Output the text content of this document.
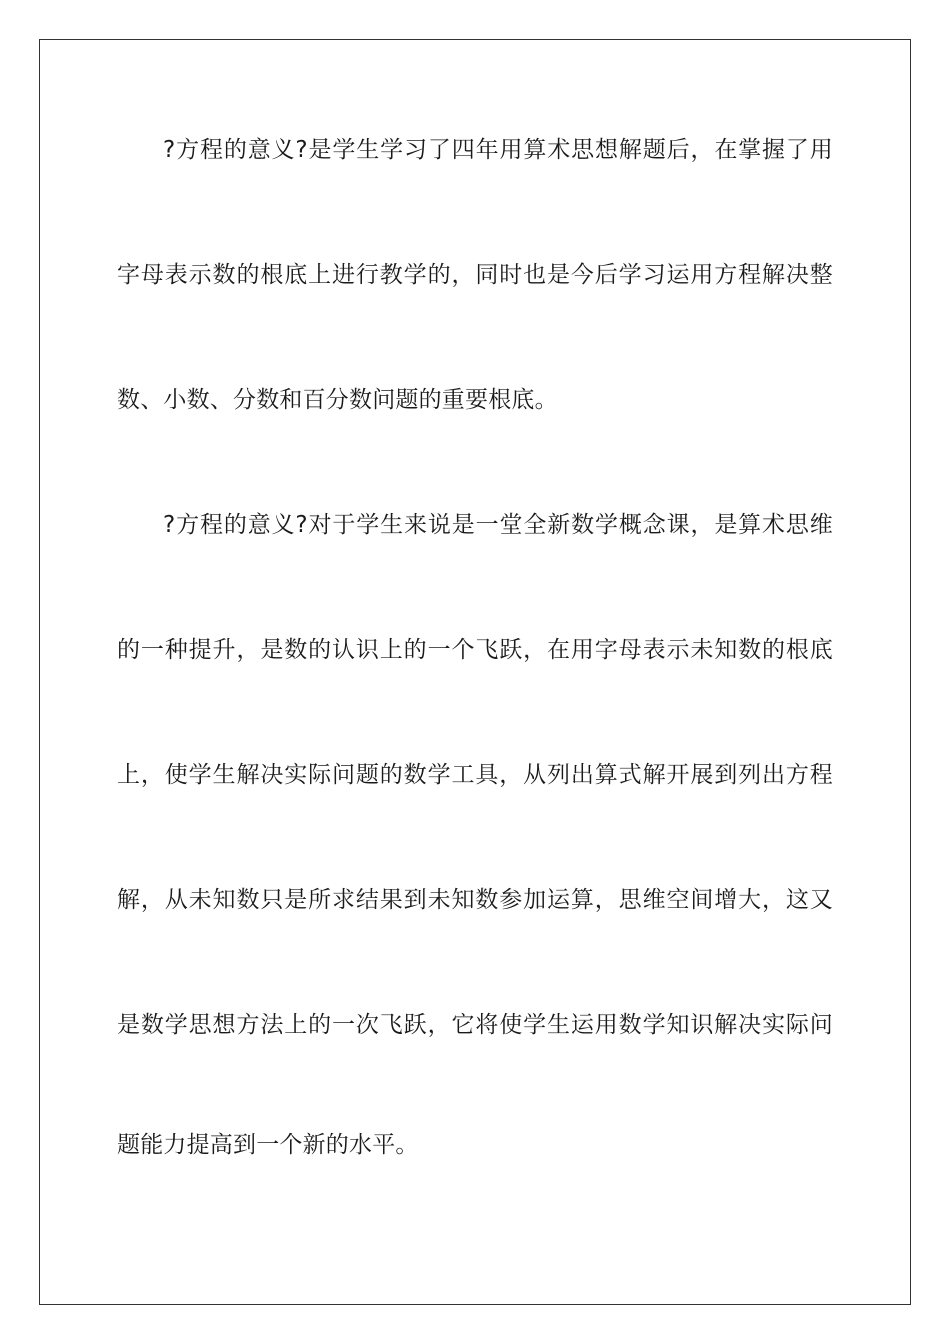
?方程的意义?是学生学习了四年用算术思想解题后，在掌握了用
字母表示数的根底上进行教学的，同时也是今后学习运用方程解决整
数、小数、分数和百分数问题的重要根底。
?方程的意义?对于学生来说是一堂全新数学概念课，是算术思维
的一种提升，是数的认识上的一个飞跃，在用字母表示未知数的根底
上，使学生解决实际问题的数学工具，从列出算式解开展到列出方程
解，从未知数只是所求结果到未知数参加运算，思维空间增大，这又
是数学思想方法上的一次飞跃，它将使学生运用数学知识解决实际问
题能力提高到一个新的水平。
